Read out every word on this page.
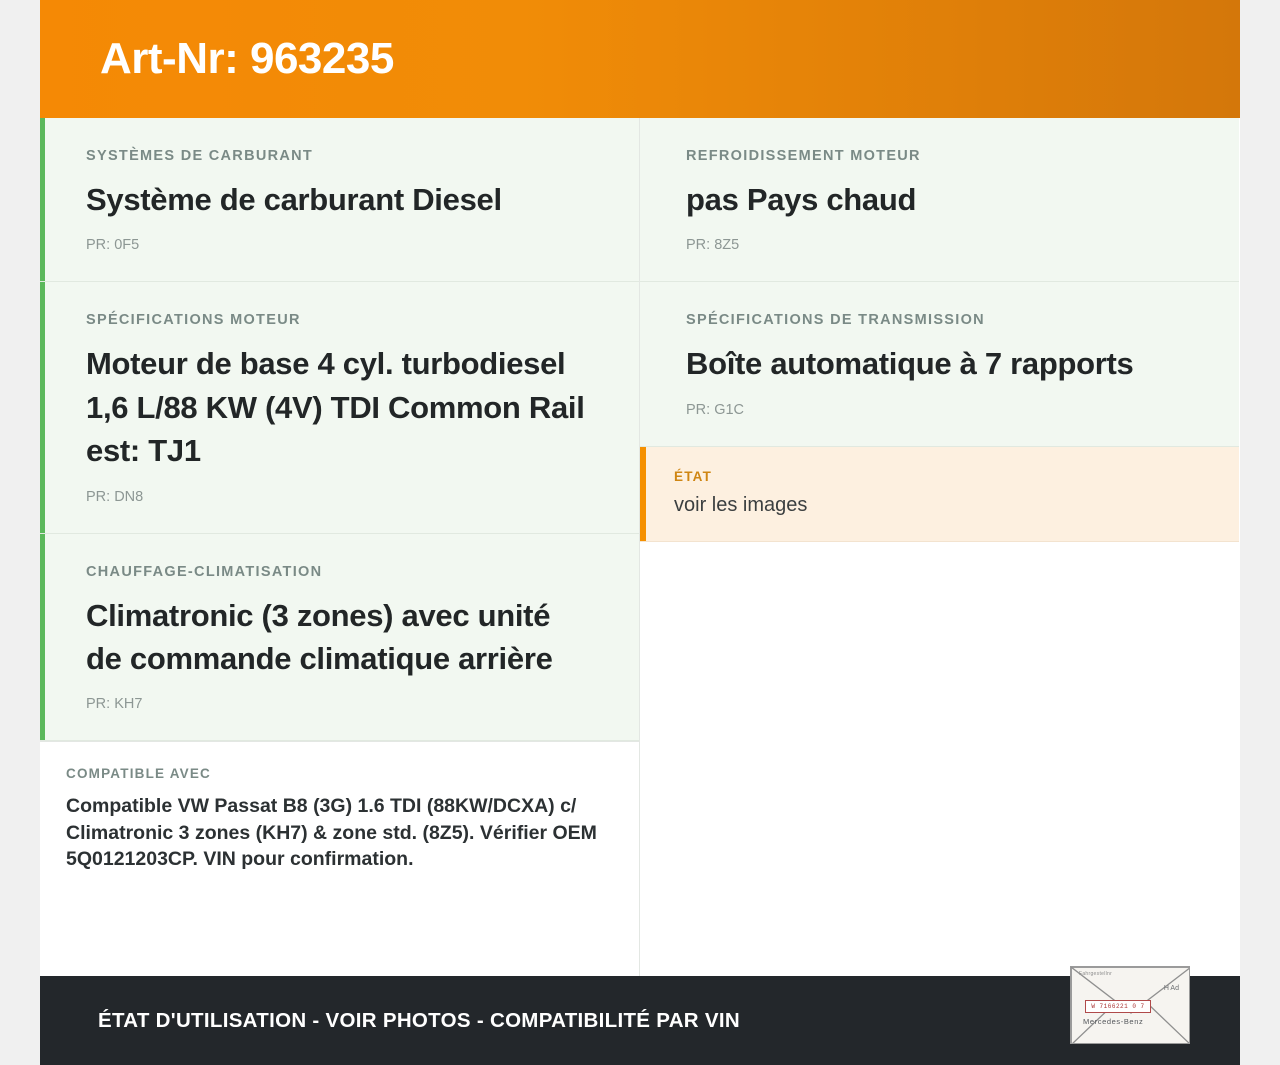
Art-Nr: 963235
SYSTÈMES DE CARBURANT
Système de carburant Diesel
PR: 0F5
SPÉCIFICATIONS MOTEUR
Moteur de base 4 cyl. turbodiesel 1,6 L/88 KW (4V) TDI Common Rail est: TJ1
PR: DN8
CHAUFFAGE-CLIMATISATION
Climatronic (3 zones) avec unité de commande climatique arrière
PR: KH7
COMPATIBLE AVEC
Compatible VW Passat B8 (3G) 1.6 TDI (88KW/DCXA) c/ Climatronic 3 zones (KH7) & zone std. (8Z5). Vérifier OEM 5Q0121203CP. VIN pour confirmation.
REFROIDISSEMENT MOTEUR
pas Pays chaud
PR: 8Z5
SPÉCIFICATIONS DE TRANSMISSION
Boîte automatique à 7 rapports
PR: G1C
ÉTAT
voir les images
ÉTAT D'UTILISATION - VOIR PHOTOS - COMPATIBILITÉ PAR VIN
Fahrgestellnr
H Ad
W 7166221 0 7
Mercedes-Benz
